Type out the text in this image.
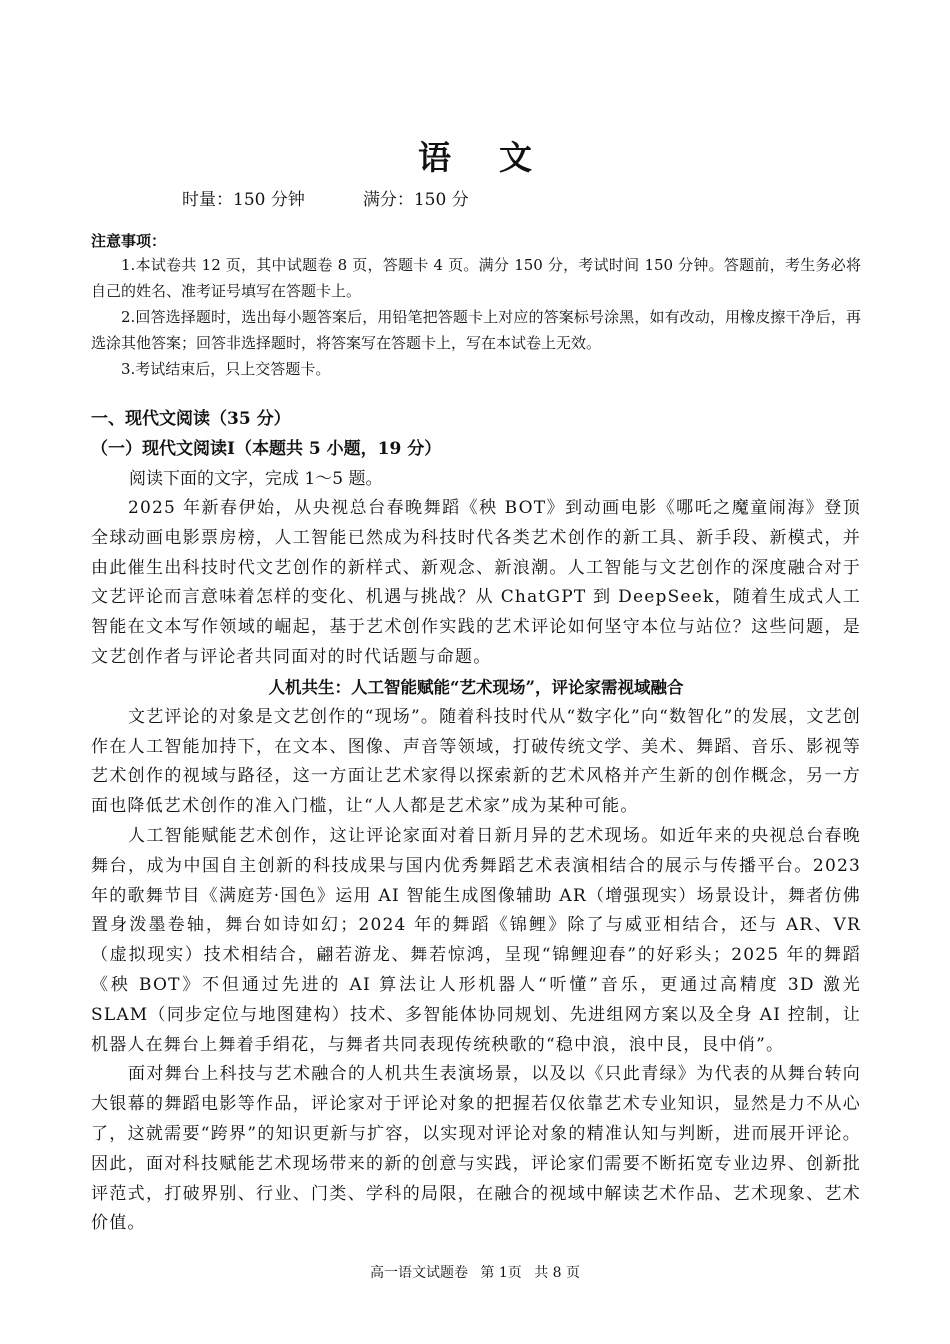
语文
时量：150 分钟	满分：150 分
注意事项：

1.本试卷共 12 页，其中试题卷 8 页，答题卡 4 页。满分 150 分，考试时间 150 分钟。答题前，考生务必将自己的姓名、准考证号填写在答题卡上。

2.回答选择题时，选出每小题答案后，用铅笔把答题卡上对应的答案标号涂黑，如有改动，用橡皮擦干净后，再选涂其他答案；回答非选择题时，将答案写在答题卡上，写在本试卷上无效。

3.考试结束后，只上交答题卡。

一、现代文阅读（35 分）
（一）现代文阅读Ⅰ（本题共 5 小题，19 分）
阅读下面的文字，完成 1～5 题。

2025 年新春伊始，从央视总台春晚舞蹈《秧 BOT》到动画电影《哪吒之魔童闹海》登顶全球动画电影票房榜，人工智能已然成为科技时代各类艺术创作的新工具、新手段、新模式，并由此催生出科技时代文艺创作的新样式、新观念、新浪潮。人工智能与文艺创作的深度融合对于文艺评论而言意味着怎样的变化、机遇与挑战？从 ChatGPT 到 DeepSeek，随着生成式人工智能在文本写作领域的崛起，基于艺术创作实践的艺术评论如何坚守本位与站位？这些问题，是文艺创作者与评论者共同面对的时代话题与命题。

人机共生：人工智能赋能“艺术现场”，评论家需视域融合

文艺评论的对象是文艺创作的“现场”。随着科技时代从“数字化”向“数智化”的发展，文艺创作在人工智能加持下，在文本、图像、声音等领域，打破传统文学、美术、舞蹈、音乐、影视等艺术创作的视域与路径，这一方面让艺术家得以探索新的艺术风格并产生新的创作概念，另一方面也降低艺术创作的准入门槛，让“人人都是艺术家”成为某种可能。

人工智能赋能艺术创作，这让评论家面对着日新月异的艺术现场。如近年来的央视总台春晚舞台，成为中国自主创新的科技成果与国内优秀舞蹈艺术表演相结合的展示与传播平台。2023 年的歌舞节目《满庭芳·国色》运用 AI 智能生成图像辅助 AR（增强现实）场景设计，舞者仿佛置身泼墨卷轴，舞台如诗如幻；2024 年的舞蹈《锦鲤》除了与威亚相结合，还与 AR、VR（虚拟现实）技术相结合，翩若游龙、舞若惊鸿，呈现“锦鲤迎春”的好彩头；2025 年的舞蹈《秧 BOT》不但通过先进的 AI 算法让人形机器人“听懂”音乐，更通过高精度 3D 激光 SLAM（同步定位与地图建构）技术、多智能体协同规划、先进组网方案以及全身 AI 控制，让机器人在舞台上舞着手绢花，与舞者共同表现传统秧歌的“稳中浪，浪中艮，艮中俏”。

面对舞台上科技与艺术融合的人机共生表演场景，以及以《只此青绿》为代表的从舞台转向大银幕的舞蹈电影等作品，评论家对于评论对象的把握若仅依靠艺术专业知识，显然是力不从心了，这就需要“跨界”的知识更新与扩容，以实现对评论对象的精准认知与判断，进而展开评论。因此，面对科技赋能艺术现场带来的新的创意与实践，评论家们需要不断拓宽专业边界、创新批评范式，打破界别、行业、门类、学科的局限，在融合的视域中解读艺术作品、艺术现象、艺术价值。

高一语文试题卷 第 1页 共 8 页
